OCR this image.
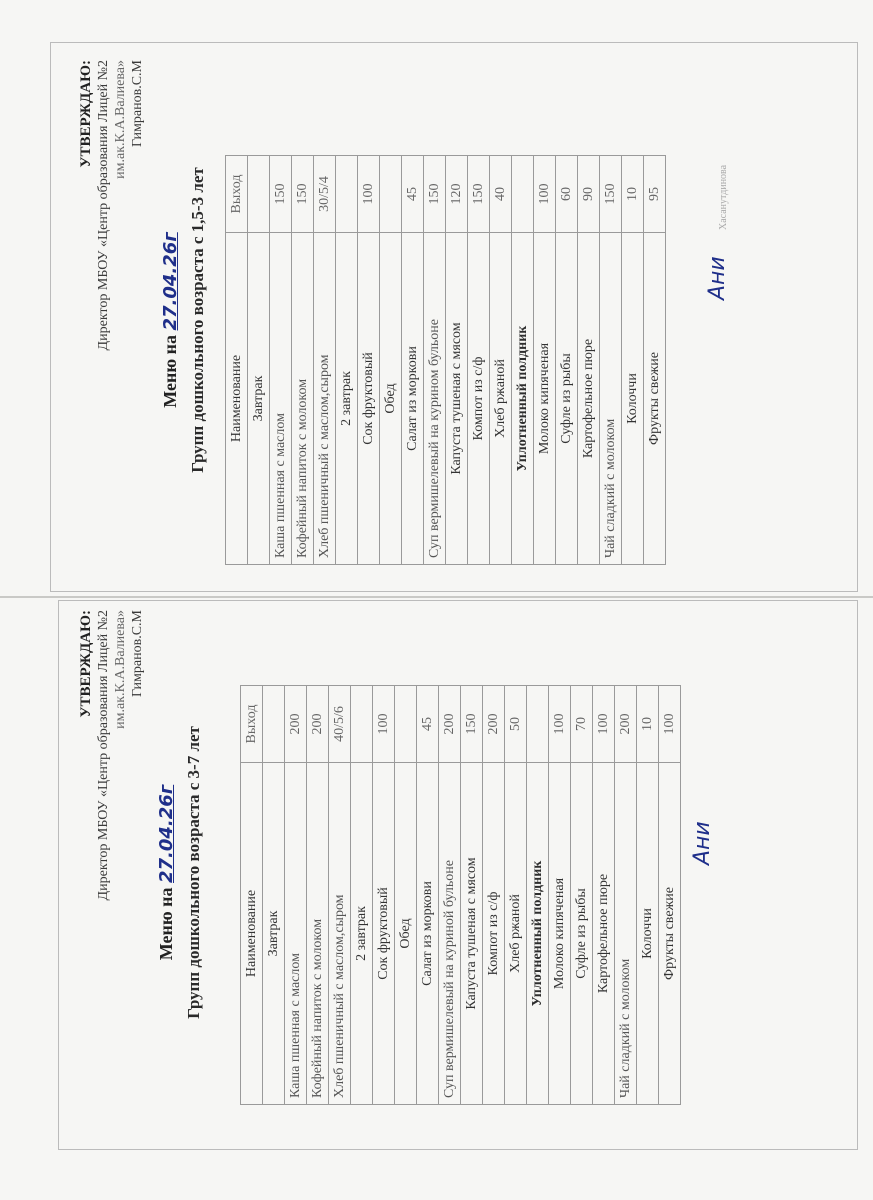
УТВЕРЖДАЮ: Директор МБОУ «Центр образования Лицей №2 им.ак.К.А.Валиева» Гимранов.С.М
Меню на 27.04.26г Групп дошкольного возраста с 1,5-3 лет Наименование	Выход
Завтрак	
Каша пшенная с маслом	150
Кофейный напиток с молоком	150
Хлеб пшеничный с маслом,сыром	30/5/4
2 завтрак	
Сок фруктовый	100
Обед	
Салат из моркови	45
Суп вермишелевый на курином бульоне	150
Капуста тушеная с мясом	120
Компот из с/ф	150
Хлеб ржаной	40
Уплотненный полдник	
Молоко кипяченая	100
Суфле из рыбы	60
Картофельное пюре	90
Чай сладкий с молоком	150
Колоччи	10
Фрукты свежие	95
Ани
Хасанутдинова
УТВЕРЖДАЮ: Директор МБОУ «Центр образования Лицей №2 им.ак.К.А.Валиева» Гимранов.С.М
Меню на 27.04.26г Групп дошкольного возраста с 3-7 лет	Наименование	Выход
Завтрак	
Каша пшенная с маслом	200
Кофейный напиток с молоком	200
Хлеб пшеничный с маслом,сыром	40/5/6
2 завтрак	
Сок фруктовый	100
Обед	
Салат из моркови	45
Суп вермишелевый на куриной бульоне	200
Капуста тушеная с мясом	150
Компот из с/ф	200
Хлеб ржаной	50
Уплотненный полдник	
Молоко кипяченая	100
Суфле из рыбы	70
Картофельное пюре	100
Чай сладкий с молоком	200
Колоччи	10
Фрукты свежие	100
Ани
